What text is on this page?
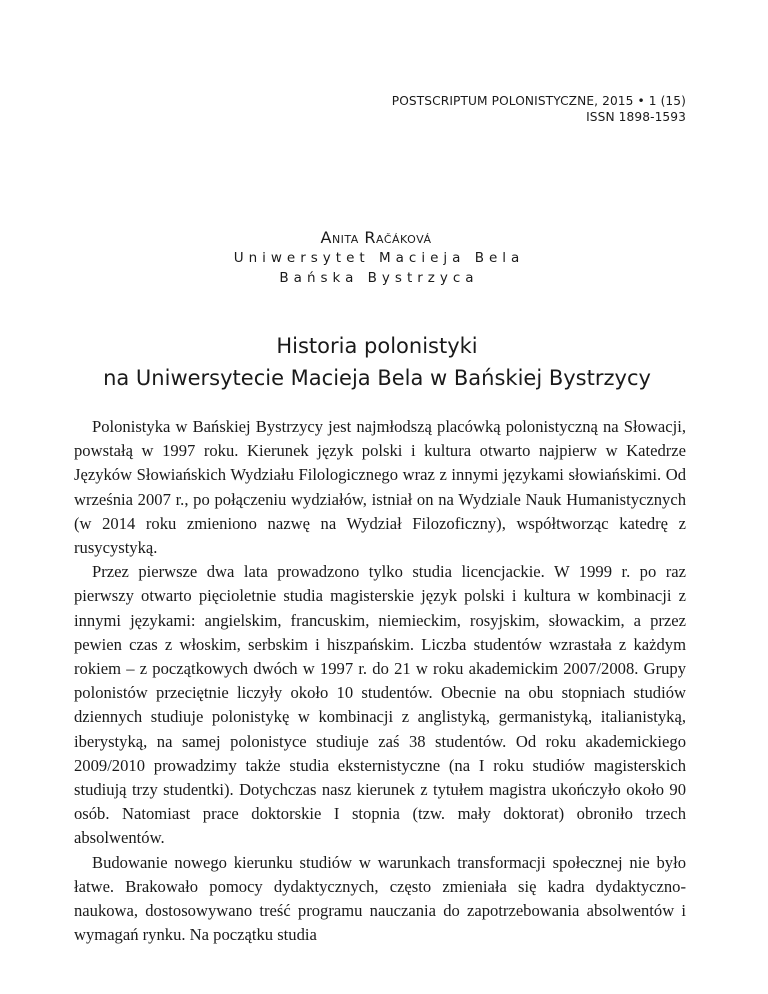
POSTSCRIPTUM POLONISTYCZNE, 2015 • 1 (15)
ISSN 1898-1593
Anita Račáková
Uniwersytet Macieja Bela
Bańska Bystrzyca
Historia polonistyki
na Uniwersytecie Macieja Bela w Bańskiej Bystrzycy

Polonistyka w Bańskiej Bystrzycy jest najmłodszą placówką polonistyczną na Słowacji, powstałą w 1997 roku. Kierunek język polski i kultura otwarto najpierw w Katedrze Języków Słowiańskich Wydziału Filologicznego wraz z innymi językami słowiańskimi. Od września 2007 r., po połączeniu wydziałów, istniał on na Wydziale Nauk Humanistycznych (w 2014 roku zmieniono nazwę na Wydział Filozoficzny), współtworząc katedrę z rusycystyką.

Przez pierwsze dwa lata prowadzono tylko studia licencjackie. W 1999 r. po raz pierwszy otwarto pięcioletnie studia magisterskie język polski i kultura w kombinacji z innymi językami: angielskim, francuskim, niemieckim, rosyjskim, słowackim, a przez pewien czas z włoskim, serbskim i hiszpańskim. Liczba studentów wzrastała z każdym rokiem – z początkowych dwóch w 1997 r. do 21 w roku akademickim 2007/2008. Grupy polonistów przeciętnie liczyły około 10 studentów. Obecnie na obu stopniach studiów dziennych studiuje polonistykę w kombinacji z anglistyką, germanistyką, italianistyką, iberystyką, na samej polonistyce studiuje zaś 38 studentów. Od roku akademickiego 2009/2010 prowadzimy także studia eksternistyczne (na I roku studiów magisterskich studiują trzy studentki). Dotychczas nasz kierunek z tytułem magistra ukończyło około 90 osób. Natomiast prace doktorskie I stopnia (tzw. mały doktorat) obroniło trzech absolwentów.

Budowanie nowego kierunku studiów w warunkach transformacji społecznej nie było łatwe. Brakowało pomocy dydaktycznych, często zmieniała się kadra dydaktyczno-naukowa, dostosowywano treść programu nauczania do zapotrzebowania absolwentów i wymagań rynku. Na początku studia
